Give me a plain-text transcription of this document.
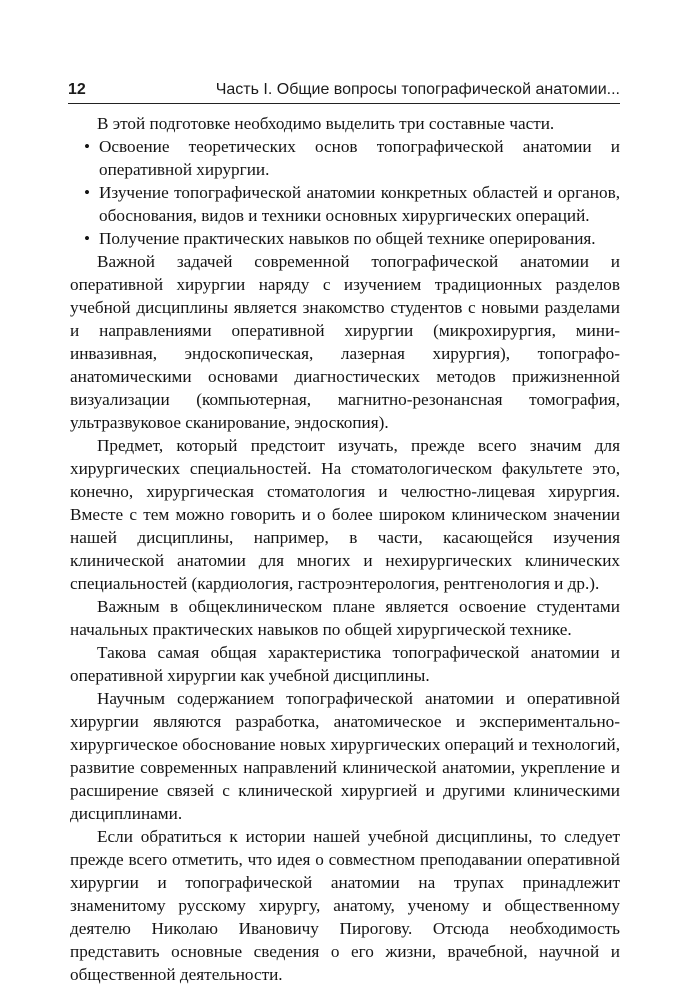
12	Часть I. Общие вопросы топографической анатомии...

В этой подготовке необходимо выделить три составные части.

• Освоение теоретических основ топографической анатомии и оперативной хирургии.
• Изучение топографической анатомии конкретных областей и органов, обоснования, видов и техники основных хирургических операций.
• Получение практических навыков по общей технике оперирования.

Важной задачей современной топографической анатомии и оперативной хирургии наряду с изучением традиционных разделов учебной дисциплины является знакомство студентов с новыми разделами и направлениями оперативной хирургии (микрохирургия, мини-инвазивная, эндоскопическая, лазерная хирургия), топографо-анатомическими основами диагностических методов прижизненной визуализации (компьютерная, магнитно-резонансная томография, ультразвуковое сканирование, эндоскопия).

Предмет, который предстоит изучать, прежде всего значим для хирургических специальностей. На стоматологическом факультете это, конечно, хирургическая стоматология и челюстно-лицевая хирургия. Вместе с тем можно говорить и о более широком клиническом значении нашей дисциплины, например, в части, касающейся изучения клинической анатомии для многих и нехирургических клинических специальностей (кардиология, гастроэнтерология, рентгенология и др.).

Важным в общеклиническом плане является освоение студентами начальных практических навыков по общей хирургической технике.

Такова самая общая характеристика топографической анатомии и оперативной хирургии как учебной дисциплины.

Научным содержанием топографической анатомии и оперативной хирургии являются разработка, анатомическое и экспериментально-хирургическое обоснование новых хирургических операций и технологий, развитие современных направлений клинической анатомии, укрепление и расширение связей с клинической хирургией и другими клиническими дисциплинами.

Если обратиться к истории нашей учебной дисциплины, то следует прежде всего отметить, что идея о совместном преподавании оперативной хирургии и топографической анатомии на трупах принадлежит знаменитому русскому хирургу, анатому, ученому и общественному деятелю Николаю Ивановичу Пирогову. Отсюда необходимость представить основные сведения о его жизни, врачебной, научной и общественной деятельности.
